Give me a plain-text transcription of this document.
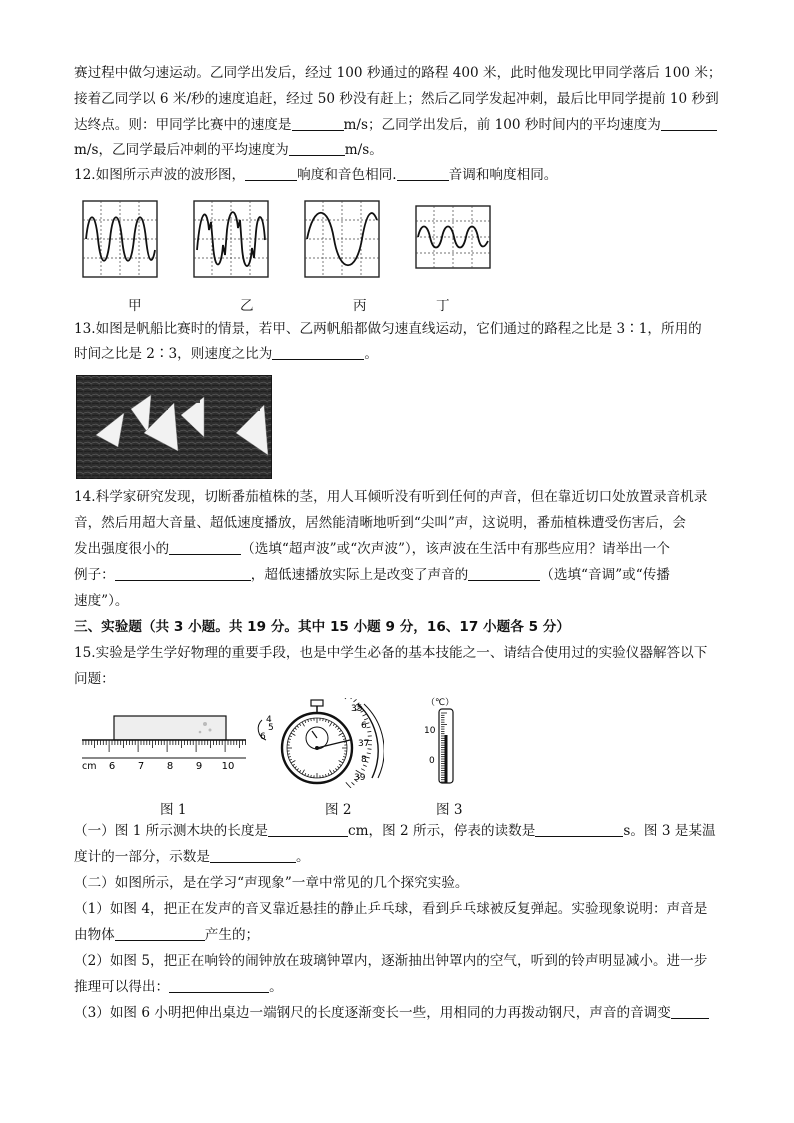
赛过程中做匀速运动。乙同学出发后，经过 100 秒通过的路程 400 米，此时他发现比甲同学落后 100 米；
接着乙同学以 6 米/秒的速度追赶，经过 50 秒没有赶上；然后乙同学发起冲刺，最后比甲同学提前 10 秒到
达终点。则：甲同学比赛中的速度是	m/s；乙同学出发后，前 100 秒时间内的平均速度为
m/s，乙同学最后冲刺的平均速度为	m/s。
12.如图所示声波的波形图，	响度和音色相同.	音调和响度相同。
甲	乙	丙	丁
13.如图是帆船比赛时的情景，若甲、乙两帆船都做匀速直线运动，它们通过的路程之比是 3∶1，所用的
时间之比是 2∶3，则速度之比为	。
14.科学家研究发现，切断番茄植株的茎，用人耳倾听没有听到任何的声音，但在靠近切口处放置录音机录
音，然后用超大音量、超低速度播放，居然能清晰地听到“尖叫”声，这说明，番茄植株遭受伤害后，会
发出强度很小的	（选填“超声波”或“次声波”），该声波在生活中有那些应用？请举出一个
例子：	，超低速播放实际上是改变了声音的	（选填“音调”或“传播
速度”）。
三、实验题（共 3 小题。共 19 分。其中 15 小题 9 分，16、17 小题各 5 分）
15.实验是学生学好物理的重要手段，也是中学生必备的基本技能之一、请结合使用过的实验仪器解答以下
问题：
cm 6 7 8 9 10
4
5
6
35
6
37
8
39
（℃）
10
0
图 1	图 2	图 3
（一）图 1 所示测木块的长度是	cm，图 2 所示，停表的读数是	s。图 3 是某温
度计的一部分，示数是	。
（二）如图所示，是在学习“声现象”一章中常见的几个探究实验。
（1）如图 4，把正在发声的音叉靠近悬挂的静止乒乓球，看到乒乓球被反复弹起。实验现象说明：声音是
由物体	产生的；
（2）如图 5，把正在响铃的闹钟放在玻璃钟罩内，逐渐抽出钟罩内的空气，听到的铃声明显减小。进一步
推理可以得出：	。
（3）如图 6 小明把伸出桌边一端钢尺的长度逐渐变长一些，用相同的力再拨动钢尺，声音的音调变
